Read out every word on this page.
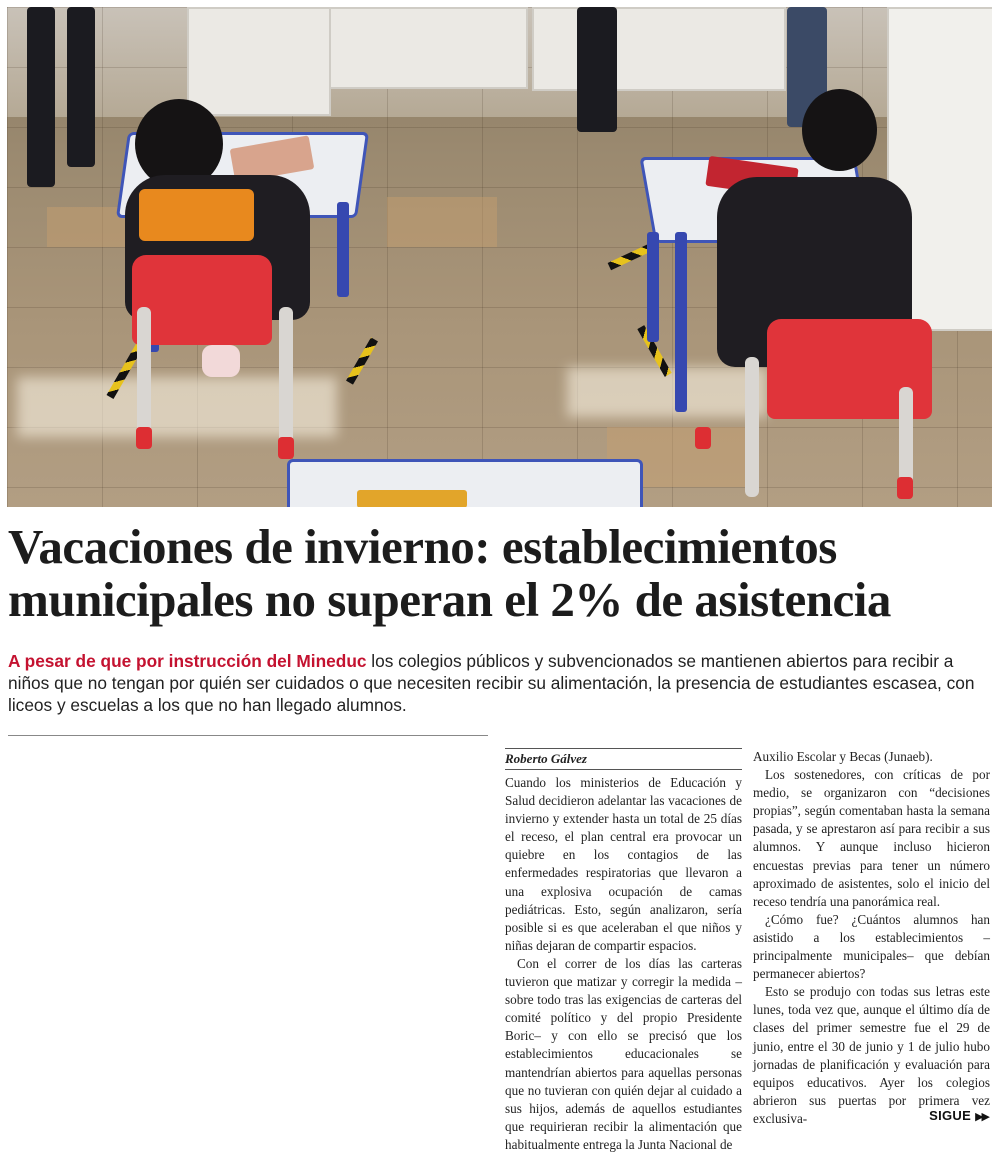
Vacaciones de invierno: establecimientos municipales no superan el 2% de asistencia

A pesar de que por instrucción del Mineduc los colegios públicos y subvencionados se mantienen abiertos para recibir a niños que no tengan por quién ser cuidados o que necesiten recibir su alimentación, la presencia de estudiantes escasea, con liceos y escuelas a los que no han llegado alumnos.

Roberto Gálvez

Cuando los ministerios de Educación y Salud decidieron adelantar las vacaciones de invierno y extender hasta un total de 25 días el receso, el plan central era provocar un quiebre en los contagios de las enfermedades respiratorias que llevaron a una explosiva ocupación de camas pediátricas. Esto, según analizaron, sería posible si es que aceleraban el que niños y niñas dejaran de compartir espacios.

Con el correr de los días las carteras tuvieron que matizar y corregir la medida –sobre todo tras las exigencias de carteras del comité político y del propio Presidente Boric– y con ello se precisó que los establecimientos educacionales se mantendrían abiertos para aquellas personas que no tuvieran con quién dejar al cuidado a sus hijos, además de aquellos estudiantes que requirieran recibir la alimentación que habitualmente entrega la Junta Nacional de

Auxilio Escolar y Becas (Junaeb).

Los sostenedores, con críticas de por medio, se organizaron con “decisiones propias”, según comentaban hasta la semana pasada, y se aprestaron así para recibir a sus alumnos. Y aunque incluso hicieron encuestas previas para tener un número aproximado de asistentes, solo el inicio del receso tendría una panorámica real.

¿Cómo fue? ¿Cuántos alumnos han asistido a los establecimientos –principalmente municipales– que debían permanecer abiertos?

Esto se produjo con todas sus letras este lunes, toda vez que, aunque el último día de clases del primer semestre fue el 29 de junio, entre el 30 de junio y 1 de julio hubo jornadas de planificación y evaluación para equipos educativos. Ayer los colegios abrieron sus puertas por primera vez exclusiva-	SIGUE ▶▶
